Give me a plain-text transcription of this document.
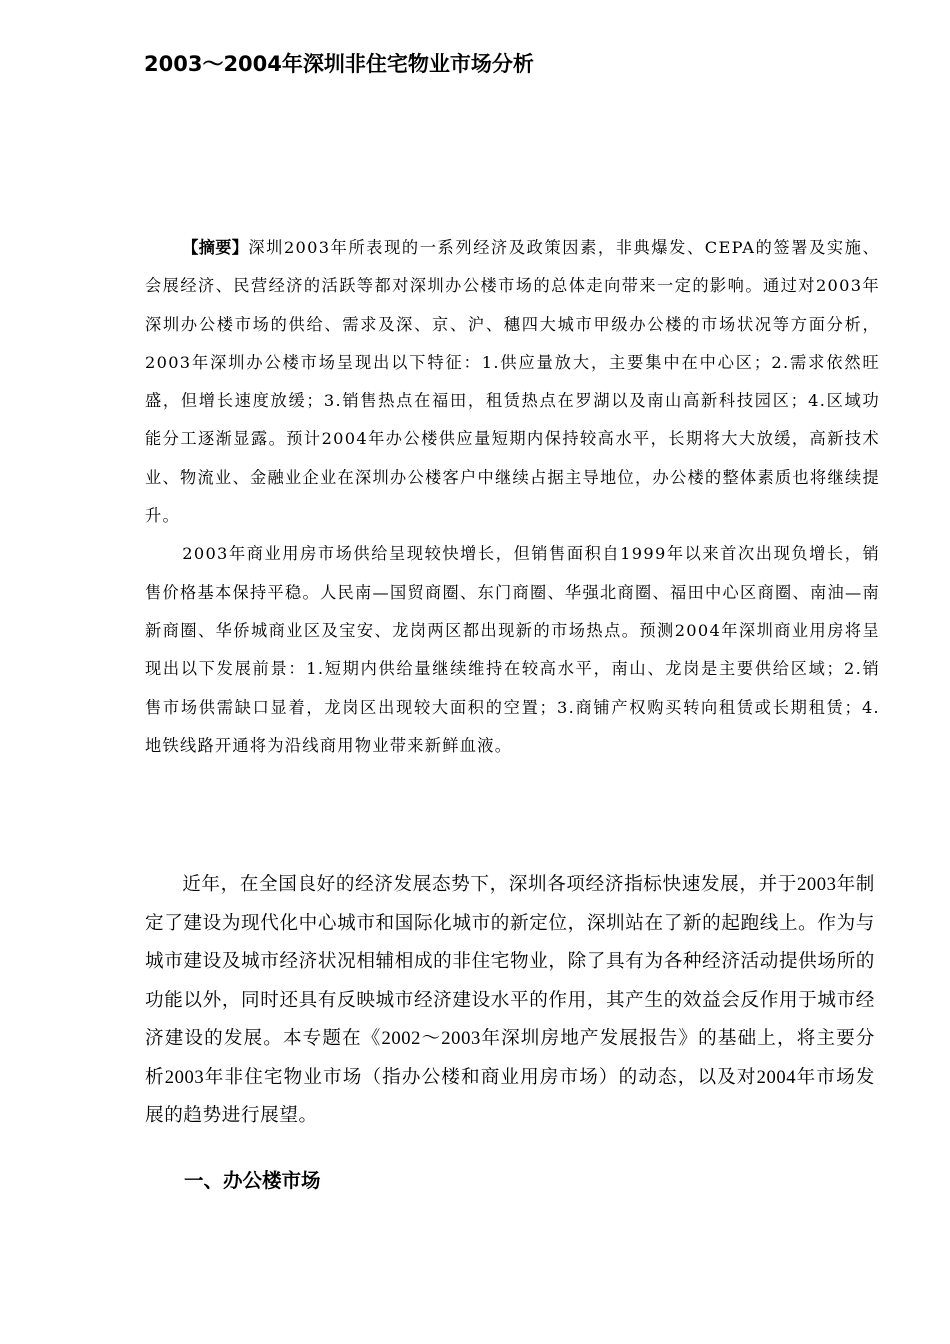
2003～2004年深圳非住宅物业市场分析

【摘要】深圳2003年所表现的一系列经济及政策因素，非典爆发、CEPA的签署及实施、会展经济、民营经济的活跃等都对深圳办公楼市场的总体走向带来一定的影响。通过对2003年深圳办公楼市场的供给、需求及深、京、沪、穗四大城市甲级办公楼的市场状况等方面分析，2003年深圳办公楼市场呈现出以下特征：1.供应量放大，主要集中在中心区；2.需求依然旺盛，但增长速度放缓；3.销售热点在福田，租赁热点在罗湖以及南山高新科技园区；4.区域功能分工逐渐显露。预计2004年办公楼供应量短期内保持较高水平，长期将大大放缓，高新技术业、物流业、金融业企业在深圳办公楼客户中继续占据主导地位，办公楼的整体素质也将继续提升。

2003年商业用房市场供给呈现较快增长，但销售面积自1999年以来首次出现负增长，销售价格基本保持平稳。人民南—国贸商圈、东门商圈、华强北商圈、福田中心区商圈、南油—南新商圈、华侨城商业区及宝安、龙岗两区都出现新的市场热点。预测2004年深圳商业用房将呈现出以下发展前景：1.短期内供给量继续维持在较高水平，南山、龙岗是主要供给区域；2.销售市场供需缺口显着，龙岗区出现较大面积的空置；3.商铺产权购买转向租赁或长期租赁；4.地铁线路开通将为沿线商用物业带来新鲜血液。

近年，在全国良好的经济发展态势下，深圳各项经济指标快速发展，并于2003年制定了建设为现代化中心城市和国际化城市的新定位，深圳站在了新的起跑线上。作为与城市建设及城市经济状况相辅相成的非住宅物业，除了具有为各种经济活动提供场所的功能以外，同时还具有反映城市经济建设水平的作用，其产生的效益会反作用于城市经济建设的发展。本专题在《2002～2003年深圳房地产发展报告》的基础上，将主要分析2003年非住宅物业市场（指办公楼和商业用房市场）的动态，以及对2004年市场发展的趋势进行展望。

一、办公楼市场
